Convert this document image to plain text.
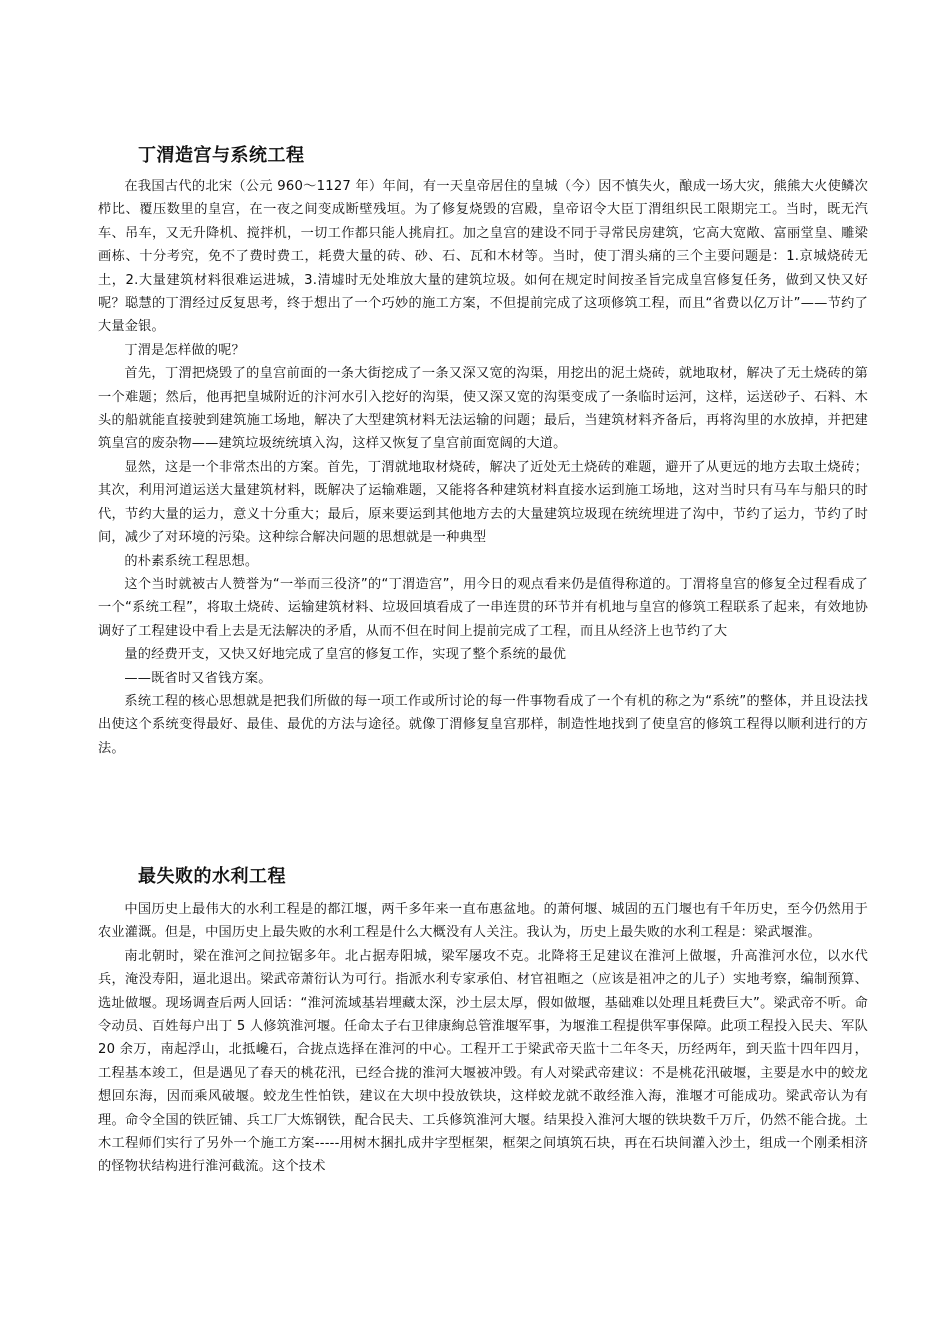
丁渭造宫与系统工程

在我国古代的北宋（公元 960～1127 年）年间，有一天皇帝居住的皇城（今）因不慎失火，酿成一场大灾，熊熊大火使鳞次栉比、覆压数里的皇宫，在一夜之间变成断壁残垣。为了修复烧毁的宫殿，皇帝诏令大臣丁渭组织民工限期完工。当时，既无汽车、吊车，又无升降机、搅拌机，一切工作都只能人挑肩扛。加之皇宫的建设不同于寻常民房建筑，它高大宽敞、富丽堂皇、雕梁画栋、十分考究，免不了费时费工，耗费大量的砖、砂、石、瓦和木材等。当时，使丁渭头痛的三个主要问题是：1.京城烧砖无土，2.大量建筑材料很难运进城，3.清墟时无处堆放大量的建筑垃圾。如何在规定时间按圣旨完成皇宫修复任务，做到又快又好呢？聪慧的丁渭经过反复思考，终于想出了一个巧妙的施工方案，不但提前完成了这项修筑工程，而且“省费以亿万计”——节约了大量金银。

丁渭是怎样做的呢？

首先，丁渭把烧毁了的皇宫前面的一条大街挖成了一条又深又宽的沟渠，用挖出的泥土烧砖，就地取材，解决了无土烧砖的第一个难题；然后，他再把皇城附近的汴河水引入挖好的沟渠，使又深又宽的沟渠变成了一条临时运河，这样，运送砂子、石料、木头的船就能直接驶到建筑施工场地，解决了大型建筑材料无法运输的问题；最后，当建筑材料齐备后，再将沟里的水放掉，并把建筑皇宫的废杂物——建筑垃圾统统填入沟，这样又恢复了皇宫前面宽阔的大道。

显然，这是一个非常杰出的方案。首先，丁渭就地取材烧砖，解决了近处无土烧砖的难题，避开了从更远的地方去取土烧砖；其次，利用河道运送大量建筑材料，既解决了运输难题，又能将各种建筑材料直接水运到施工场地，这对当时只有马车与船只的时代，节约大量的运力，意义十分重大；最后，原来要运到其他地方去的大量建筑垃圾现在统统埋进了沟中，节约了运力，节约了时间，减少了对环境的污染。这种综合解决问题的思想就是一种典型

的朴素系统工程思想。

这个当时就被古人赞誉为“一举而三役济”的“丁渭造宫”，用今日的观点看来仍是值得称道的。丁渭将皇宫的修复全过程看成了一个“系统工程”，将取土烧砖、运输建筑材料、垃圾回填看成了一串连贯的环节并有机地与皇宫的修筑工程联系了起来，有效地协调好了工程建设中看上去是无法解决的矛盾，从而不但在时间上提前完成了工程，而且从经济上也节约了大

量的经费开支，又快又好地完成了皇宫的修复工作，实现了整个系统的最优

——既省时又省钱方案。

系统工程的核心思想就是把我们所做的每一项工作或所讨论的每一件事物看成了一个有机的称之为“系统”的整体，并且设法找出使这个系统变得最好、最佳、最优的方法与途径。就像丁渭修复皇宫那样，制造性地找到了使皇宫的修筑工程得以顺利进行的方法。

最失败的水利工程

中国历史上最伟大的水利工程是的都江堰，两千多年来一直布惠盆地。的萧何堰、城固的五门堰也有千年历史，至今仍然用于农业灌溉。但是，中国历史上最失败的水利工程是什么大概没有人关注。我认为，历史上最失败的水利工程是：梁武堰淮。

南北朝时，梁在淮河之间拉锯多年。北占据寿阳城，梁军屡攻不克。北降将王足建议在淮河上做堰，升高淮河水位，以水代兵，淹没寿阳，逼北退出。梁武帝萧衍认为可行。指派水利专家承伯、材官祖暅之（应该是祖冲之的儿子）实地考察，编制预算、选址做堰。现场调查后两人回话：“淮河流域基岩埋藏太深，沙土层太厚，假如做堰，基础难以处理且耗费巨大”。梁武帝不听。命令动员、百姓每户出丁 5 人修筑淮河堰。任命太子右卫律康絢总管淮堰军事，为堰淮工程提供军事保障。此项工程投入民夫、军队 20 余万，南起浮山，北抵巉石，合拢点选择在淮河的中心。工程开工于梁武帝天监十二年冬天，历经两年，到天监十四年四月，工程基本竣工，但是遇见了春天的桃花汛，已经合拢的淮河大堰被冲毁。有人对梁武帝建议：不是桃花汛破堰，主要是水中的蛟龙想回东海，因而乘风破堰。蛟龙生性怕铁，建议在大坝中投放铁块，这样蛟龙就不敢经淮入海，淮堰才可能成功。梁武帝认为有理。命令全国的铁匠铺、兵工厂大炼钢铁，配合民夫、工兵修筑淮河大堰。结果投入淮河大堰的铁块数千万斤，仍然不能合拢。土木工程师们实行了另外一个施工方案-----用树木捆扎成井字型框架，框架之间填筑石块，再在石块间灌入沙土，组成一个刚柔相济的怪物状结构进行淮河截流。这个技术
